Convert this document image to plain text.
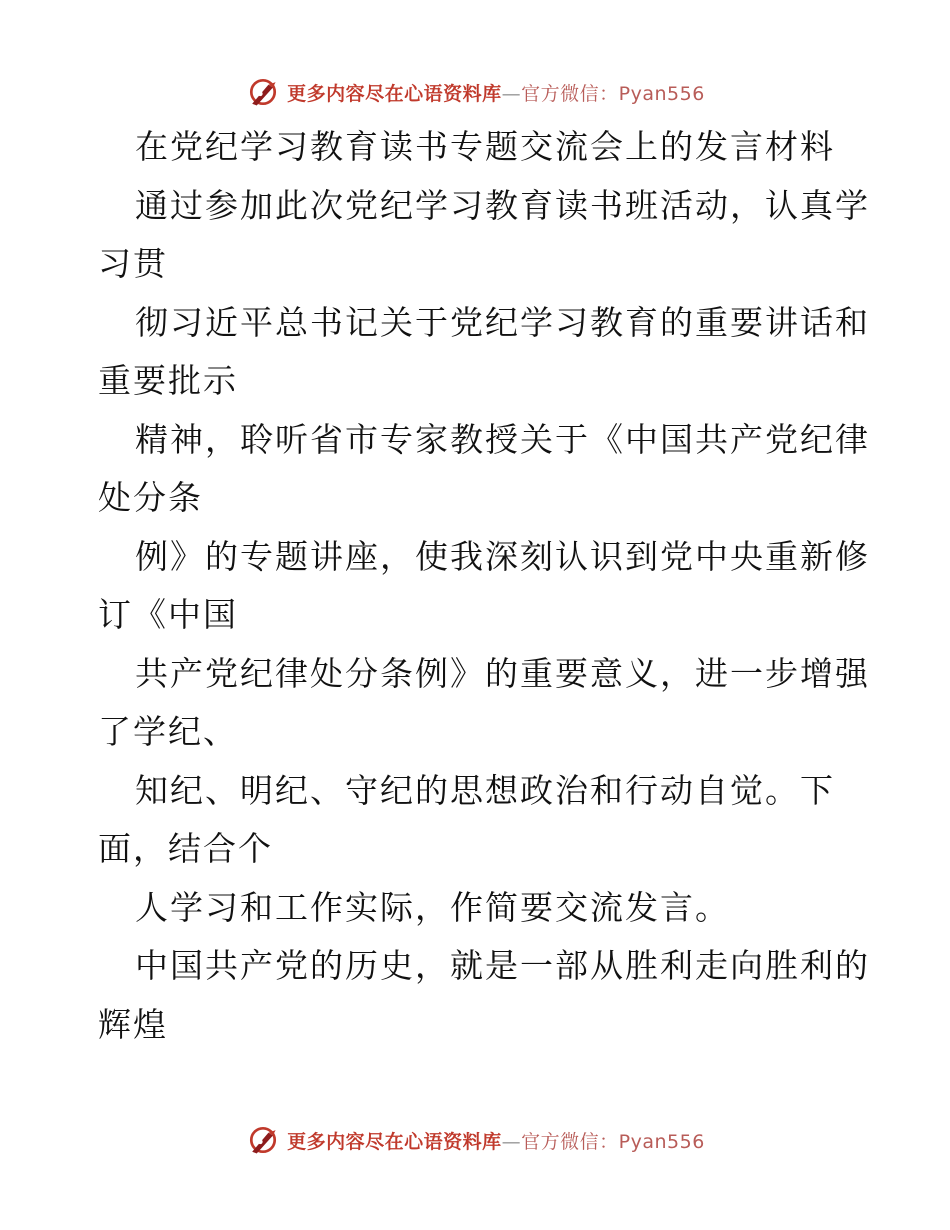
更多内容尽在心语资料库—官方微信：Pyan556
在党纪学习教育读书专题交流会上的发言材料
通过参加此次党纪学习教育读书班活动，认真学
习贯
彻习近平总书记关于党纪学习教育的重要讲话和
重要批示
精神，聆听省市专家教授关于《中国共产党纪律
处分条
例》的专题讲座，使我深刻认识到党中央重新修
订《中国
共产党纪律处分条例》的重要意义，进一步增强
了学纪、
知纪、明纪、守纪的思想政治和行动自觉。下
面，结合个
人学习和工作实际，作简要交流发言。
中国共产党的历史，就是一部从胜利走向胜利的
辉煌
更多内容尽在心语资料库—官方微信：Pyan556
